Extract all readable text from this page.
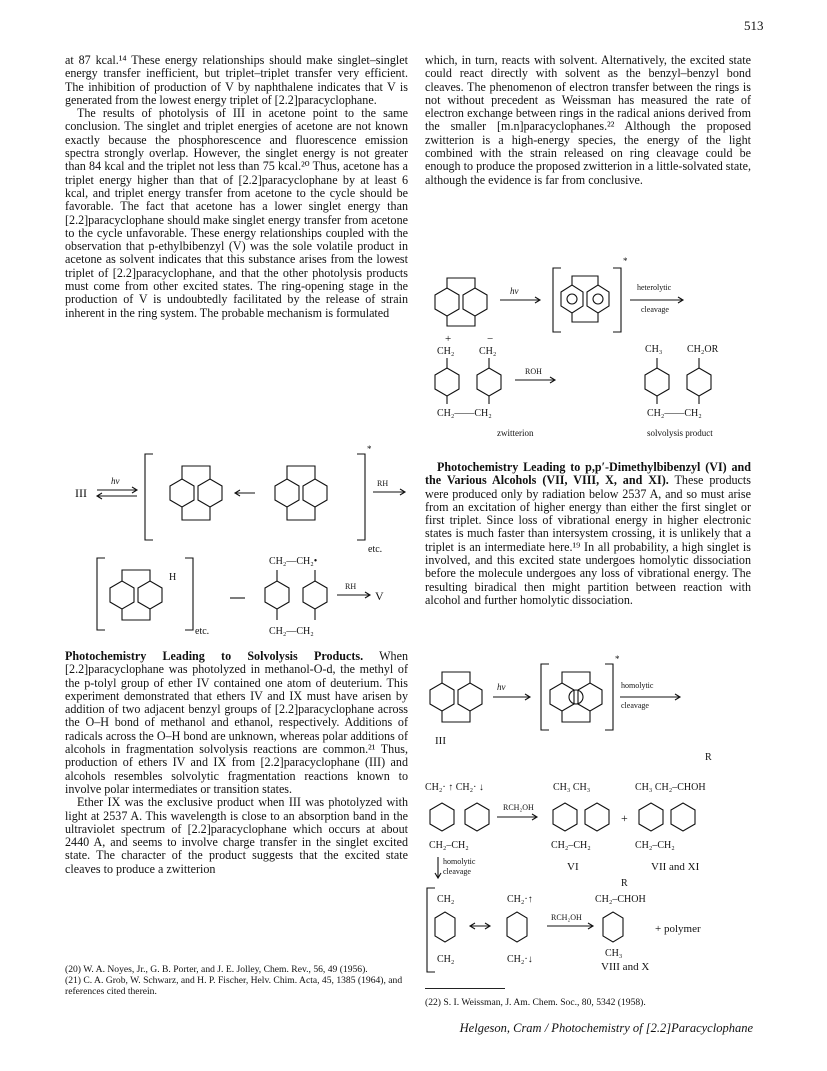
513

at 87 kcal.¹⁴ These energy relationships should make singlet–singlet energy transfer inefficient, but triplet–triplet transfer very efficient. The inhibition of production of V by naphthalene indicates that V is generated from the lowest energy triplet of [2.2]paracyclophane.

The results of photolysis of III in acetone point to the same conclusion. The singlet and triplet energies of acetone are not known exactly because the phosphorescence and fluorescence emission spectra strongly overlap. However, the singlet energy is not greater than 84 kcal and the triplet not less than 75 kcal.²⁰ Thus, acetone has a triplet energy higher than that of [2.2]paracyclophane by at least 6 kcal, and triplet energy transfer from acetone to the cycle should be favorable. The fact that acetone has a lower singlet energy than [2.2]paracyclophane should make singlet energy transfer from acetone to the cycle unfavorable. These energy relationships coupled with the observation that p-ethylbibenzyl (V) was the sole volatile product in acetone as solvent indicates that this substance arises from the lowest triplet of [2.2]paracyclophane, and that the other photolysis products must come from other excited states. The ring-opening stage in the production of V is undoubtedly facilitated by the release of strain inherent in the ring system. The probable mechanism is formulated

which, in turn, reacts with solvent. Alternatively, the excited state could react directly with solvent as the benzyl–benzyl bond cleaves. The phenomenon of electron transfer between the rings is not without precedent as Weissman has measured the rate of electron exchange between rings in the radical anions derived from the smaller [m.n]paracyclophanes.²² Although the proposed zwitterion is a high-energy species, the energy of the light combined with the strain released on ring cleavage could be enough to produce the proposed zwitterion in a little-solvated state, although the evidence is far from conclusive.

hν
*
heterolytic
cleavage
+	−
CH₂ CH₂
CH₂——CH₂
ROH
CH₃ CH₂OR
CH₂——CH₂
zwitterion	solvolysis product
III
hν
*
RH
etc.
H
etc.
CH₂—CH₂•
CH₂—CH₂
RH
V

Photochemistry Leading to Solvolysis Products. When [2.2]paracyclophane was photolyzed in methanol-O-d, the methyl of the p-tolyl group of ether IV contained one atom of deuterium. This experiment demonstrated that ethers IV and IX must have arisen by addition of two adjacent benzyl groups of [2.2]paracyclophane across the O–H bond of methanol and ethanol, respectively. Additions of radicals across the O–H bond are unknown, whereas polar additions of alcohols in fragmentation solvolysis reactions are common.²¹ Thus, production of ethers IV and IX from [2.2]paracyclophane (III) and alcohols resembles solvolytic fragmentation reactions known to involve polar intermediates or transition states.

Ether IX was the exclusive product when III was photolyzed with light at 2537 A. This wavelength is close to an absorption band in the ultraviolet spectrum of [2.2]paracyclophane which occurs at about 2440 A, and seems to involve charge transfer in the singlet excited state. The character of the product suggests that the excited state cleaves to produce a zwitterion

Photochemistry Leading to p,p′-Dimethylbibenzyl (VI) and the Various Alcohols (VII, VIII, X, and XI). These products were produced only by radiation below 2537 A, and so must arise from an excitation of higher energy than either the first singlet or first triplet. Since loss of vibrational energy in higher electronic states is much faster than intersystem crossing, it is unlikely that a triplet is an intermediate here.¹⁹ In all probability, a high singlet is involved, and this excited state undergoes homolytic dissociation before the molecule undergoes any loss of vibrational energy. The resulting biradical then might partition between reaction with alcohol and further homolytic dissociation.

hν
*
homolytic
cleavage
III
R
CH₂· ↑ CH₂· ↓	CH₃ CH₃	CH₃ CH₂–CHOH
RCH₂OH
+
CH₂–CH₂	CH₂–CH₂	CH₂–CH₂
homolytic
cleavage	VI	VII and XI
R
CH₂	CH₂·↑	CH₂–CHOH
RCH₂OH
+ polymer
CH₂	CH₂·↓
CH₃
VIII and X

(20) W. A. Noyes, Jr., G. B. Porter, and J. E. Jolley, Chem. Rev., 56, 49 (1956).

(21) C. A. Grob, W. Schwarz, and H. P. Fischer, Helv. Chim. Acta, 45, 1385 (1964), and references cited therein.

(22) S. I. Weissman, J. Am. Chem. Soc., 80, 5342 (1958).

Helgeson, Cram / Photochemistry of [2.2]Paracyclophane
